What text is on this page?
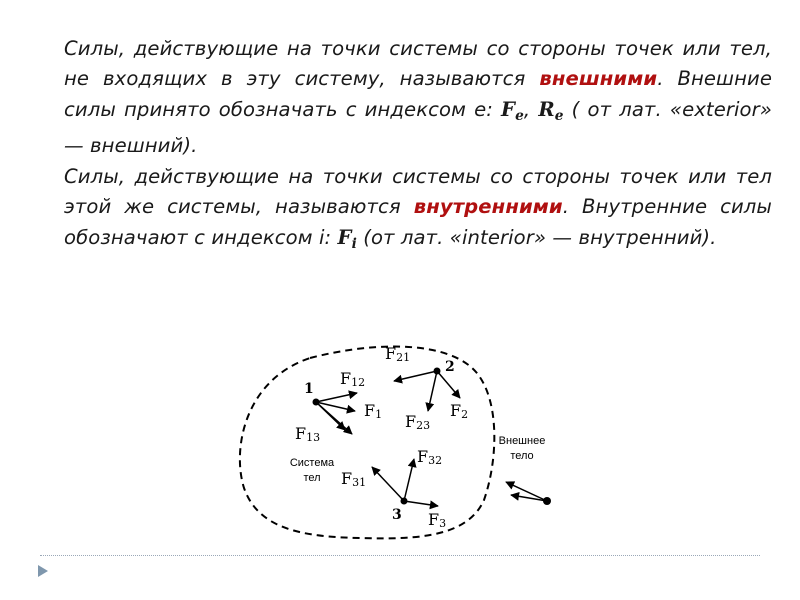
Силы, действующие на точки системы со стороны точек или тел, не входящих в эту систему, называются внешними. Внешние силы принято обозначать с индексом е: $F_e$, $R_e$ ( от лат. «exterior» — внешний).

Силы, действующие на точки системы со стороны точек или тел этой же системы, называются внутренними. Внутренние силы обозначают с индексом i: $F_i$ (от лат. «interior» — внутренний).

1
2
3
F12
F1
F13
F21
F2
F23
F32
F31
F3
Система
тел
Внешнее
тело
